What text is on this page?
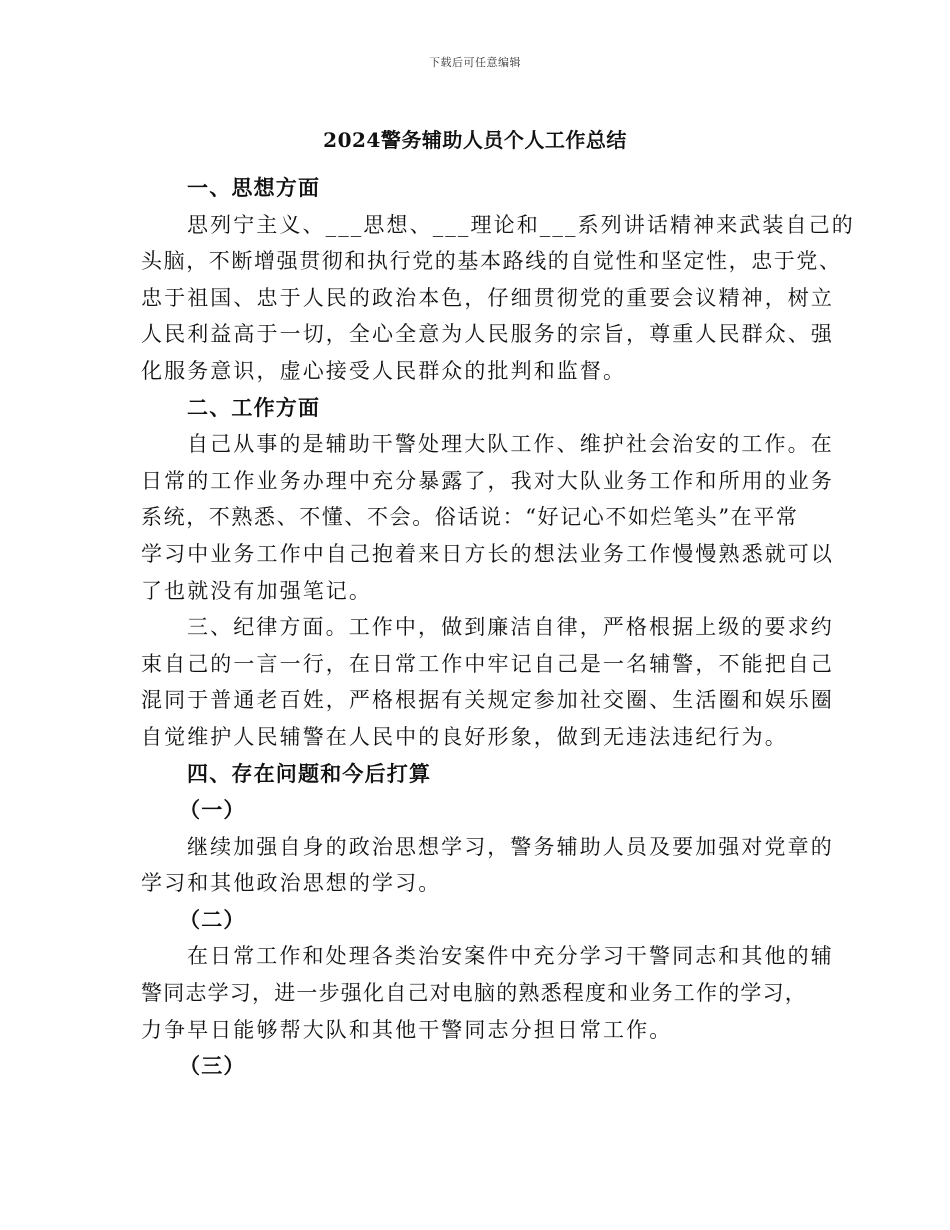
下载后可任意编辑
2024警务辅助人员个人工作总结
一、思想方面
思列宁主义、___思想、___理论和___系列讲话精神来武装自己的
头脑，不断增强贯彻和执行党的基本路线的自觉性和坚定性，忠于党、
忠于祖国、忠于人民的政治本色，仔细贯彻党的重要会议精神，树立
人民利益高于一切，全心全意为人民服务的宗旨，尊重人民群众、强
化服务意识，虚心接受人民群众的批判和监督。
二、工作方面
自己从事的是辅助干警处理大队工作、维护社会治安的工作。在
日常的工作业务办理中充分暴露了，我对大队业务工作和所用的业务
系统，不熟悉、不懂、不会。俗话说：“好记心不如烂笔头”在平常
学习中业务工作中自己抱着来日方长的想法业务工作慢慢熟悉就可以
了也就没有加强笔记。
三、纪律方面。工作中，做到廉洁自律，严格根据上级的要求约
束自己的一言一行，在日常工作中牢记自己是一名辅警，不能把自己
混同于普通老百姓，严格根据有关规定参加社交圈、生活圈和娱乐圈
自觉维护人民辅警在人民中的良好形象，做到无违法违纪行为。
四、存在问题和今后打算
（一）
继续加强自身的政治思想学习，警务辅助人员及要加强对党章的
学习和其他政治思想的学习。
（二）
在日常工作和处理各类治安案件中充分学习干警同志和其他的辅
警同志学习，进一步强化自己对电脑的熟悉程度和业务工作的学习，
力争早日能够帮大队和其他干警同志分担日常工作。
（三）
